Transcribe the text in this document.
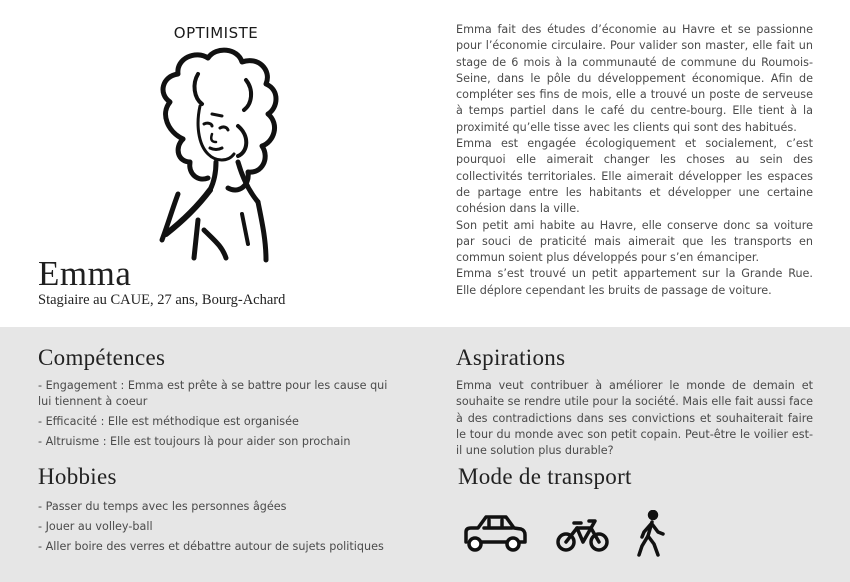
OPTIMISTE
Emma
Stagiaire au CAUE, 27 ans, Bourg-Achard

Emma fait des études d’économie au Havre et se passionne pour l’économie circulaire. Pour valider son master, elle fait un stage de 6 mois à la communauté de commune du Roumois-Seine, dans le pôle du développement économique. Afin de compléter ses fins de mois, elle a trouvé un poste de serveuse à temps partiel dans le café du centre-bourg. Elle tient à la proximité qu’elle tisse avec les clients qui sont des habitués.

Emma est engagée écologiquement et socialement, c’est pourquoi elle aimerait changer les choses au sein des collectivités territoriales. Elle aimerait développer les espaces de partage entre les habitants et développer une certaine cohésion dans la ville.

Son petit ami habite au Havre, elle conserve donc sa voiture par souci de praticité mais aimerait que les transports en commun soient plus développés pour s’en émanciper.

Emma s’est trouvé un petit appartement sur la Grande Rue. Elle déplore cependant les bruits de passage de voiture.

Compétences
- Engagement : Emma est prête à se battre pour les cause qui lui tiennent à coeur
- Efficacité : Elle est méthodique est organisée
- Altruisme : Elle est toujours là pour aider son prochain
Hobbies
- Passer du temps avec les personnes âgées
- Jouer au volley-ball
- Aller boire des verres et débattre autour de sujets politiques
Aspirations
Emma veut contribuer à améliorer le monde de demain et souhaite se rendre utile pour la société. Mais elle fait aussi face à des contradictions dans ses convictions et souhaiterait faire le tour du monde avec son petit copain. Peut-être le voilier est-il une solution plus durable?
Mode de transport
